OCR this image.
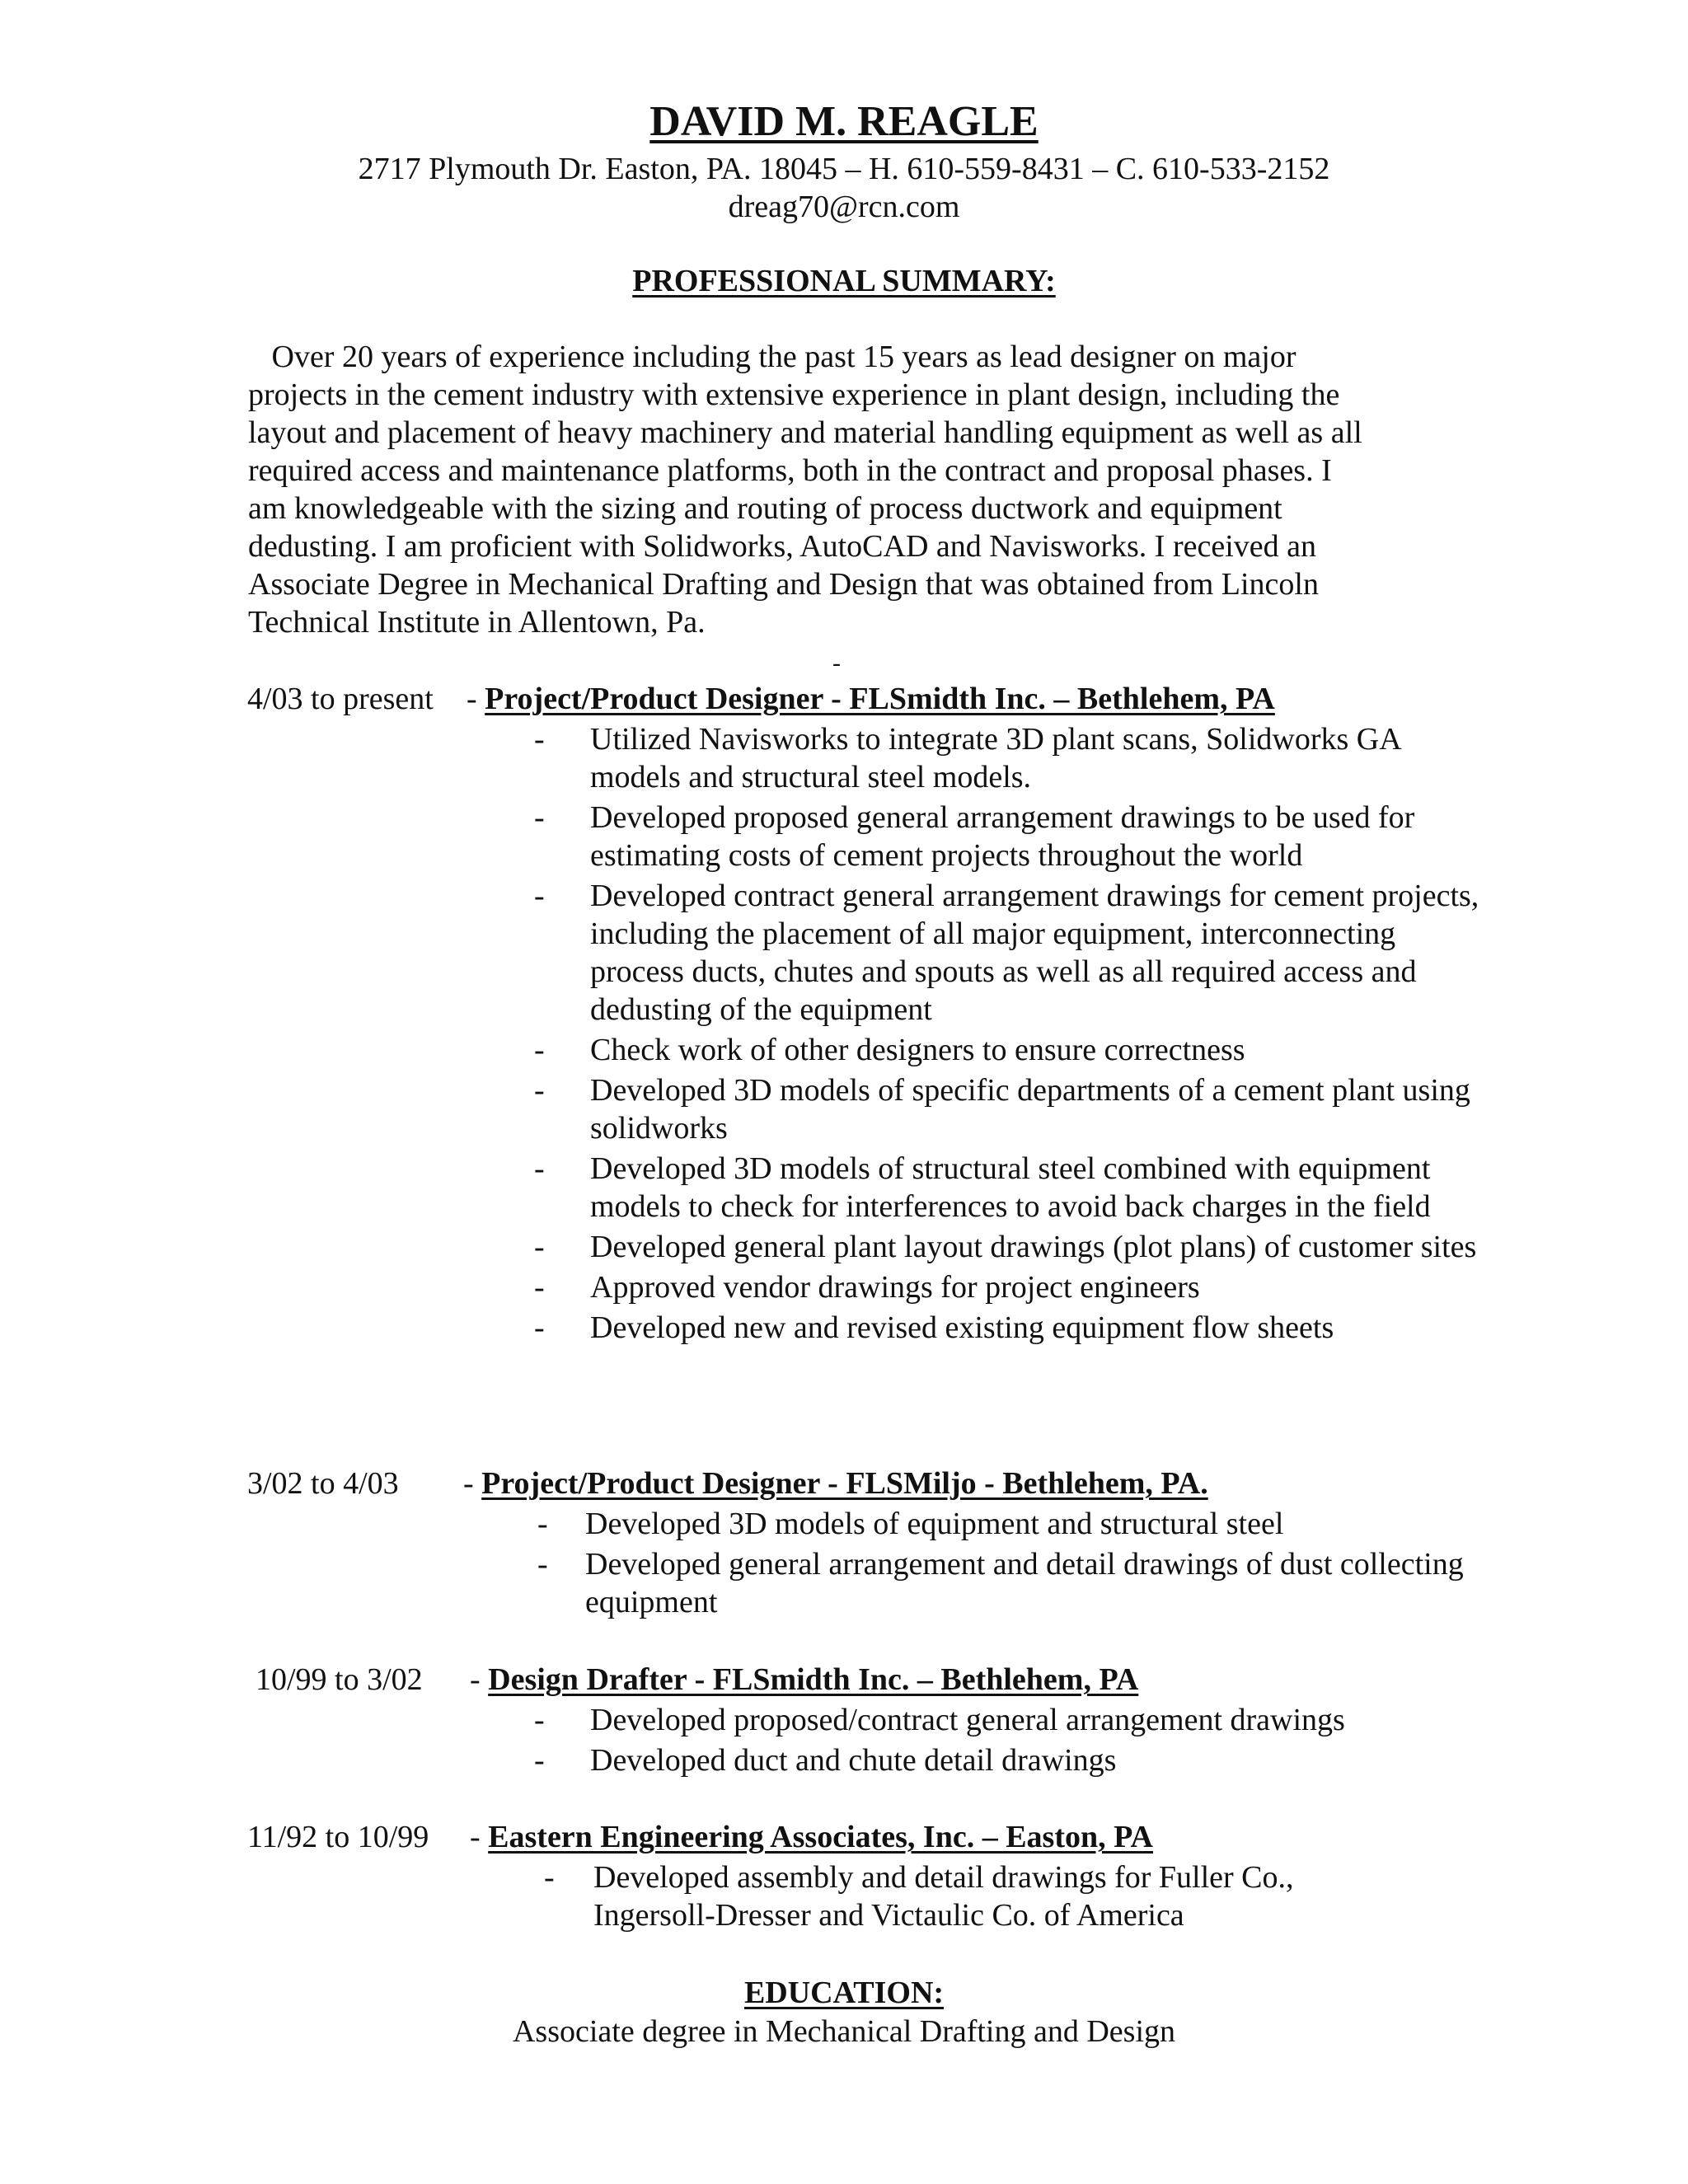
DAVID M. REAGLE
2717 Plymouth Dr. Easton, PA. 18045 – H. 610-559-8431 – C. 610-533-2152
dreag70@rcn.com
PROFESSIONAL SUMMARY:
Over 20 years of experience including the past 15 years as lead designer on major
projects in the cement industry with extensive experience in plant design, including the
layout and placement of heavy machinery and material handling equipment as well as all
required access and maintenance platforms, both in the contract and proposal phases. I
am knowledgeable with the sizing and routing of process ductwork and equipment
dedusting. I am proficient with Solidworks, AutoCAD and Navisworks. I received an
Associate Degree in Mechanical Drafting and Design that was obtained from Lincoln
Technical Institute in Allentown, Pa.
-
4/03 to present - Project/Product Designer - FLSmidth Inc. – Bethlehem, PA
- Utilized Navisworks to integrate 3D plant scans, Solidworks GA models and structural steel models.
- Developed proposed general arrangement drawings to be used for estimating costs of cement projects throughout the world
- Developed contract general arrangement drawings for cement projects, including the placement of all major equipment, interconnecting process ducts, chutes and spouts as well as all required access and dedusting of the equipment
- Check work of other designers to ensure correctness
- Developed 3D models of specific departments of a cement plant using solidworks
- Developed 3D models of structural steel combined with equipment models to check for interferences to avoid back charges in the field
- Developed general plant layout drawings (plot plans) of customer sites
- Approved vendor drawings for project engineers
- Developed new and revised existing equipment flow sheets
3/02 to 4/03 - Project/Product Designer - FLSMiljo - Bethlehem, PA.
- Developed 3D models of equipment and structural steel
- Developed general arrangement and detail drawings of dust collecting equipment
10/99 to 3/02 - Design Drafter - FLSmidth Inc. – Bethlehem, PA
- Developed proposed/contract general arrangement drawings
- Developed duct and chute detail drawings
11/92 to 10/99 - Eastern Engineering Associates, Inc. – Easton, PA
- Developed assembly and detail drawings for Fuller Co., Ingersoll-Dresser and Victaulic Co. of America
EDUCATION:
Associate degree in Mechanical Drafting and Design
